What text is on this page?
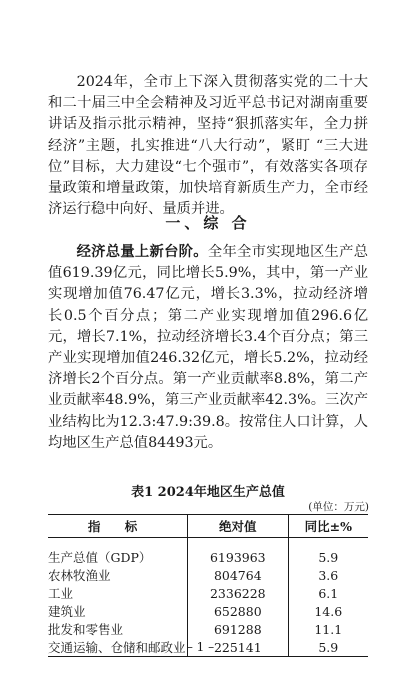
2024年，全市上下深入贯彻落实党的二十大和二十届三中全会精神及习近平总书记对湖南重要讲话及指示批示精神，坚持“狠抓落实年，全力拼经济”主题，扎实推进“八大行动”，紧盯 “三大进位”目标，大力建设“七个强市”，有效落实各项存量政策和增量政策，加快培育新质生产力，全市经济运行稳中向好、量质并进。

一、综 合

经济总量上新台阶。全年全市实现地区生产总值619.39亿元，同比增长5.9%，其中，第一产业实现增加值76.47亿元，增长3.3%，拉动经济增长0.5个百分点；第二产业实现增加值296.6亿元，增长7.1%，拉动经济增长3.4个百分点；第三产业实现增加值246.32亿元，增长5.2%，拉动经济增长2个百分点。第一产业贡献率8.8%，第二产业贡献率48.9%，第三产业贡献率42.3%。三次产业结构比为12.3:47.9:39.8。按常住人口计算，人均地区生产总值84493元。

表1 2024年地区生产总值
(单位：万元)
指 标	绝对值	同比±%
生产总值（GDP）	6193963	5.9
农林牧渔业	804764	3.6
工业	2336228	6.1
建筑业	652880	14.6
批发和零售业	691288	11.1
交通运输、仓储和邮政业	225141	5.9
– 1 –
